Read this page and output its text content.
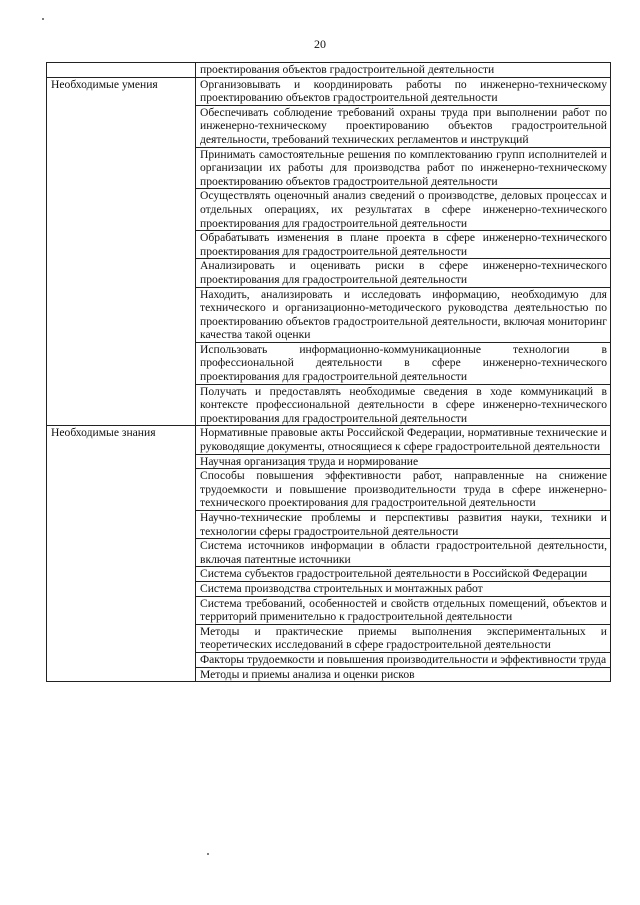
20
	проектирования объектов градостроительной деятельности
Необходимые умения	Организовывать и координировать работы по инженерно-техническому проектированию объектов градостроительной деятельности
	Обеспечивать соблюдение требований охраны труда при выполнении работ по инженерно-техническому проектированию объектов градостроительной деятельности, требований технических регламентов и инструкций
	Принимать самостоятельные решения по комплектованию групп исполнителей и организации их работы для производства работ по инженерно-техническому проектированию объектов градостроительной деятельности
	Осуществлять оценочный анализ сведений о производстве, деловых процессах и отдельных операциях, их результатах в сфере инженерно-технического проектирования для градостроительной деятельности
	Обрабатывать изменения в плане проекта в сфере инженерно-технического проектирования для градостроительной деятельности
	Анализировать и оценивать риски в сфере инженерно-технического проектирования для градостроительной деятельности
	Находить, анализировать и исследовать информацию, необходимую для технического и организационно-методического руководства деятельностью по проектированию объектов градостроительной деятельности, включая мониторинг качества такой оценки
	Использовать информационно-коммуникационные технологии в профессиональной деятельности в сфере инженерно-технического проектирования для градостроительной деятельности
	Получать и предоставлять необходимые сведения в ходе коммуникаций в контексте профессиональной деятельности в сфере инженерно-технического проектирования для градостроительной деятельности
Необходимые знания	Нормативные правовые акты Российской Федерации, нормативные технические и руководящие документы, относящиеся к сфере градостроительной деятельности
	Научная организация труда и нормирование
	Способы повышения эффективности работ, направленные на снижение трудоемкости и повышение производительности труда в сфере инженерно-технического проектирования для градостроительной деятельности
	Научно-технические проблемы и перспективы развития науки, техники и технологии сферы градостроительной деятельности
	Система источников информации в области градостроительной деятельности, включая патентные источники
	Система субъектов градостроительной деятельности в Российской Федерации
	Система производства строительных и монтажных работ
	Система требований, особенностей и свойств отдельных помещений, объектов и территорий применительно к градостроительной деятельности
	Методы и практические приемы выполнения экспериментальных и теоретических исследований в сфере градостроительной деятельности
	Факторы трудоемкости и повышения производительности и эффективности труда
	Методы и приемы анализа и оценки рисков
